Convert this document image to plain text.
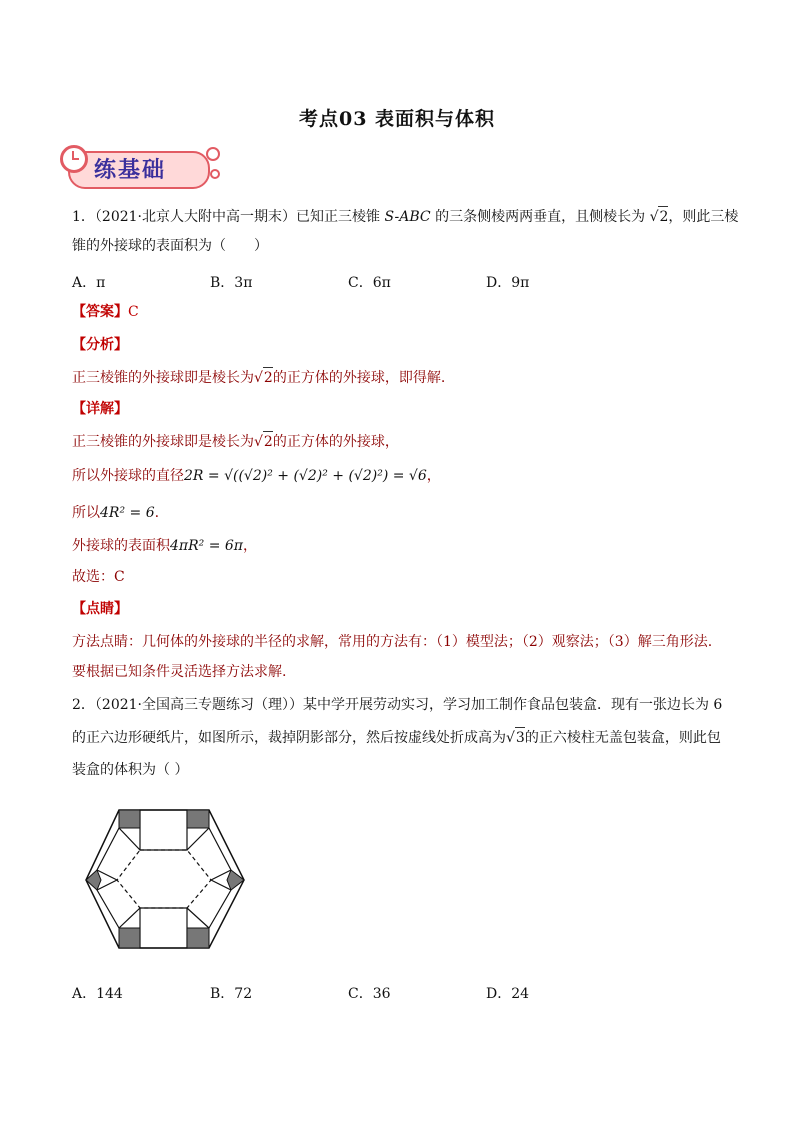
考点03 表面积与体积
练基础
1．（2021·北京人大附中高一期末）已知正三棱锥 S-ABC 的三条侧棱两两垂直，且侧棱长为 √2，则此三棱
锥的外接球的表面积为（　　）
A．π	B．3π	C．6π	D．9π
【答案】C
【分析】
正三棱锥的外接球即是棱长为√2的正方体的外接球，即得解.
【详解】
正三棱锥的外接球即是棱长为√2的正方体的外接球，
所以外接球的直径2R = √((√2)² + (√2)² + (√2)²) = √6，
所以4R² = 6.
外接球的表面积4πR² = 6π，
故选：C
【点睛】
方法点睛：几何体的外接球的半径的求解，常用的方法有：（1）模型法；（2）观察法；（3）解三角形法.
要根据已知条件灵活选择方法求解.
2．（2021·全国高三专题练习（理））某中学开展劳动实习，学习加工制作食品包装盒．现有一张边长为 6
的正六边形硬纸片，如图所示，裁掉阴影部分，然后按虚线处折成高为√3的正六棱柱无盖包装盒，则此包
装盒的体积为（ ）
A．144	B．72	C．36	D．24
